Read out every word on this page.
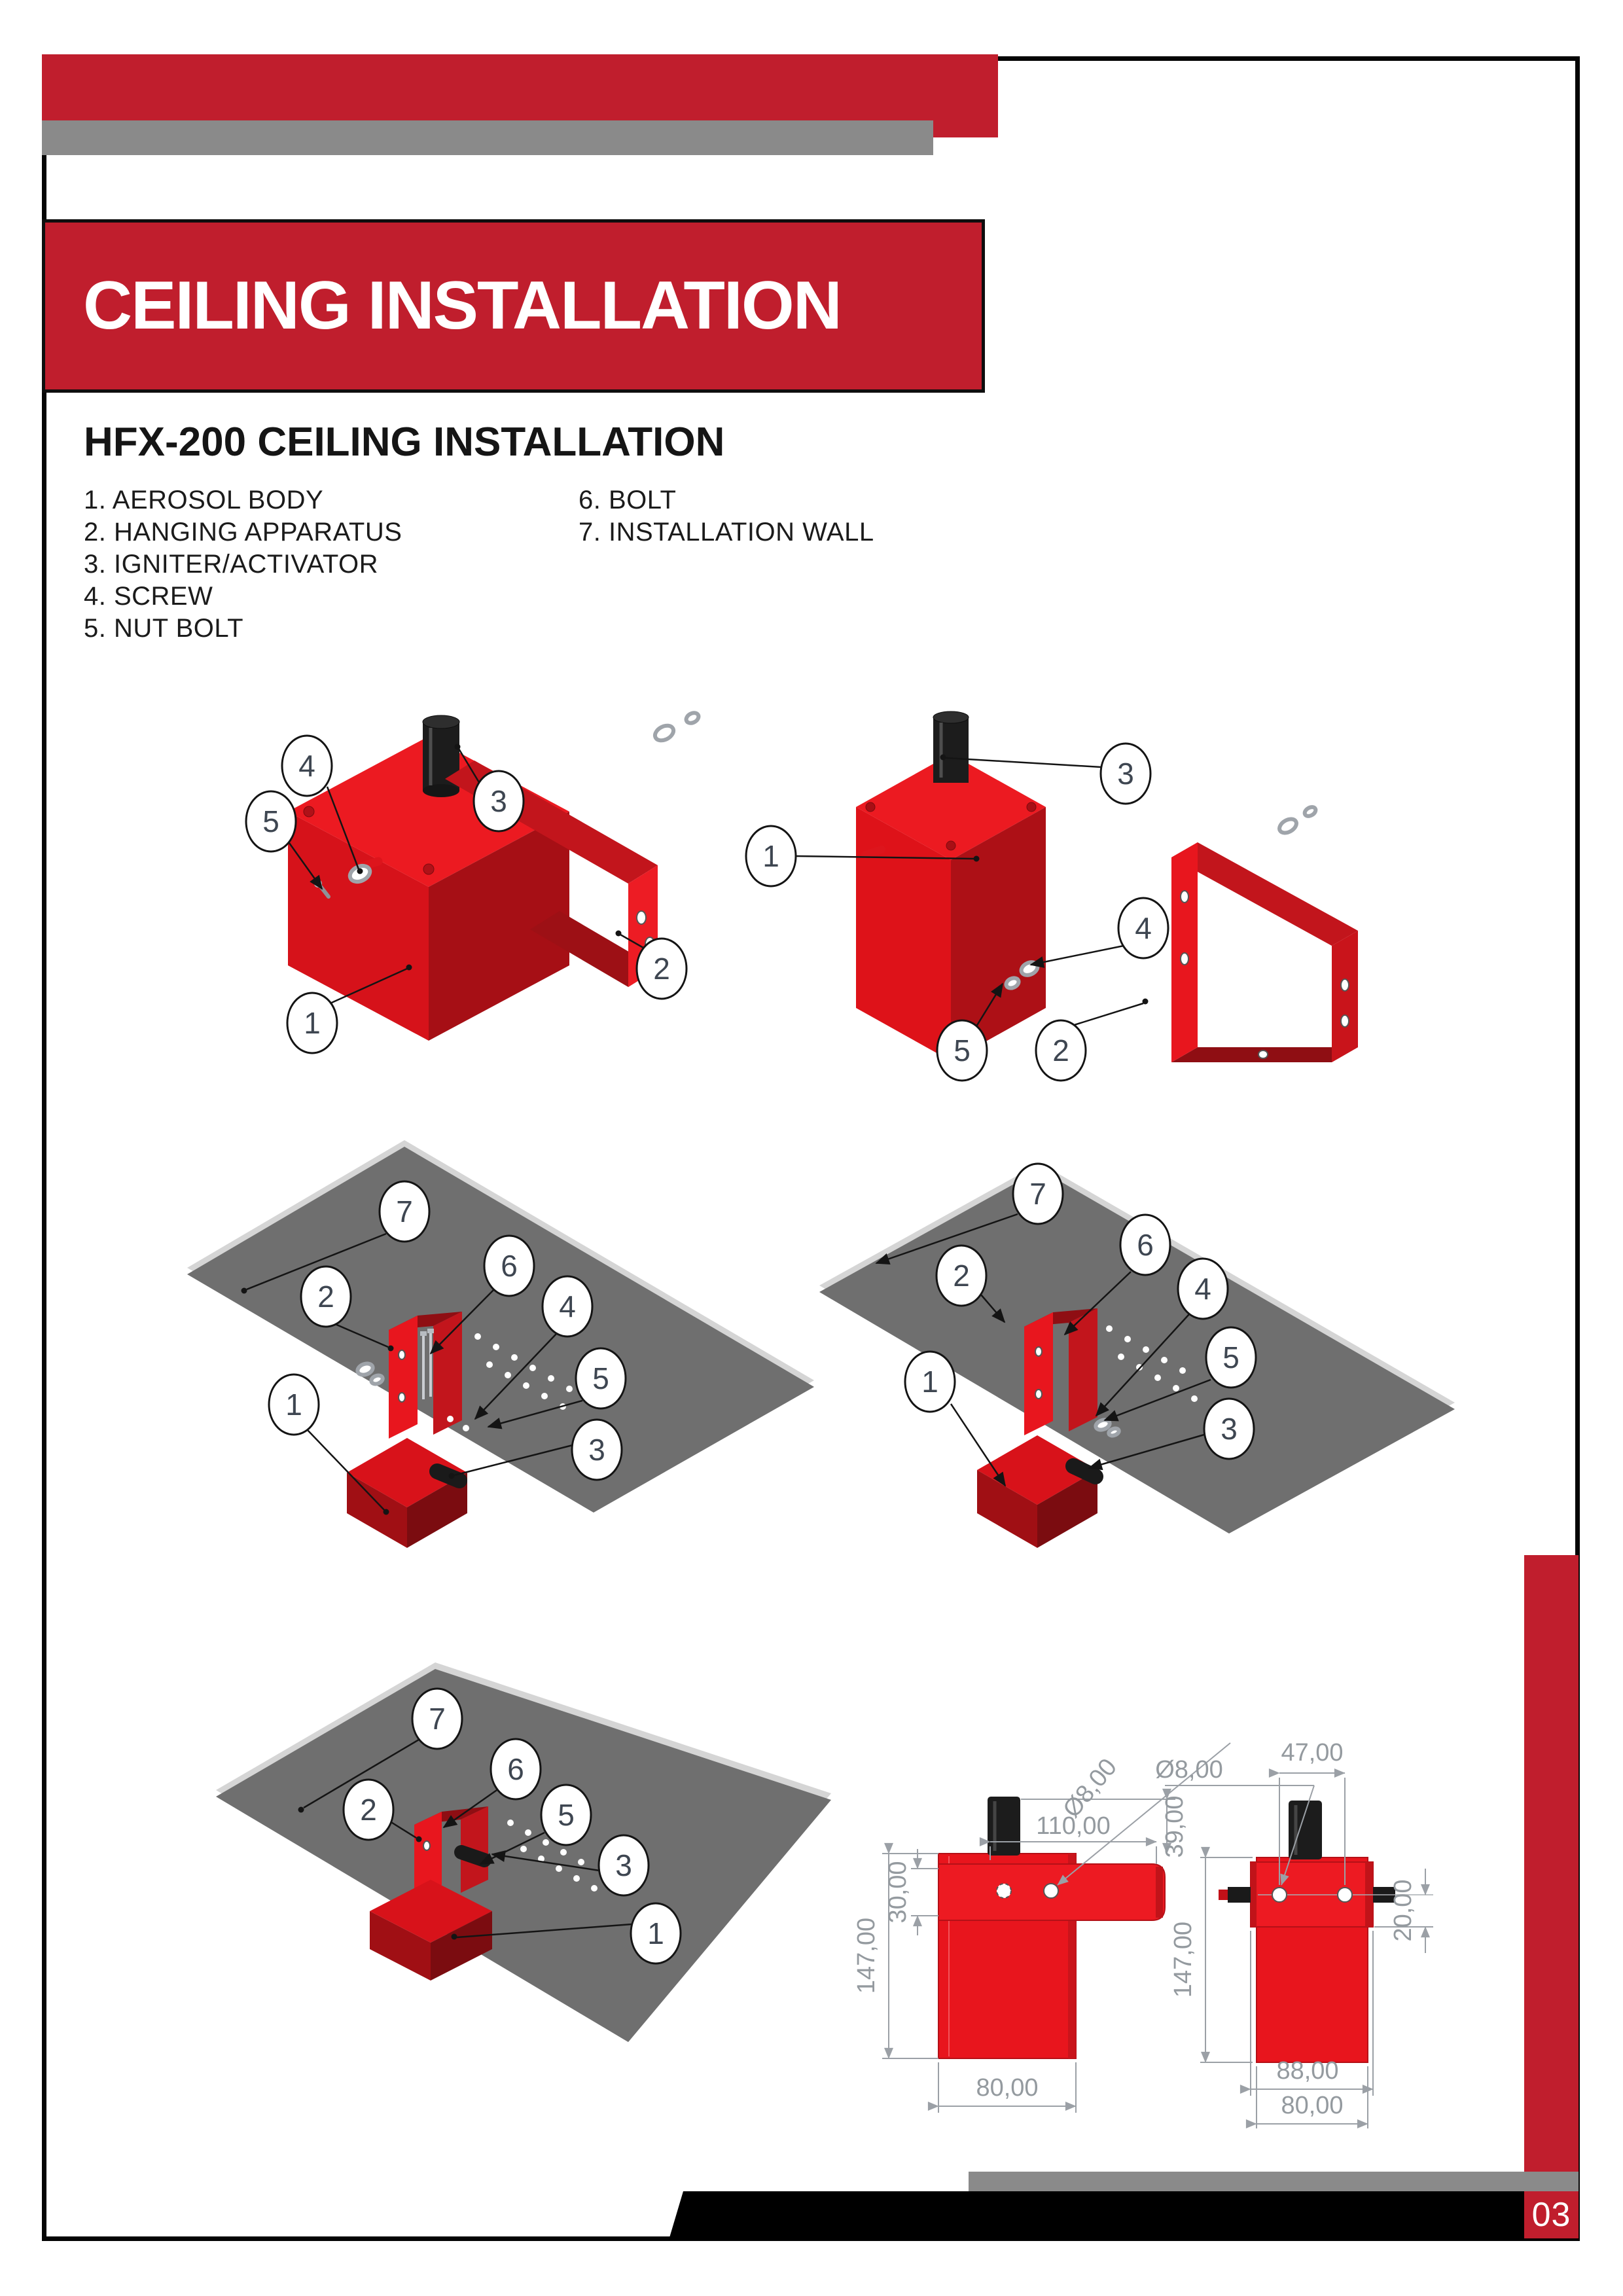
CEILING INSTALLATION
HFX-200 CEILING INSTALLATION
1. AEROSOL BODY
2. HANGING APPARATUS
3. IGNITER/ACTIVATOR
4. SCREW
5. NUT BOLT
6. BOLT
7. INSTALLATION WALL
4
5
3
2
1
3
1
4
5	2
7
2
6
4
5
1
3
7
2
6
4
5
1
3
7
6
2	5
3
1	147,00
30,00
110,00 39,00
Ø8,00
80,00
Ø8,00
47,00
20,00
147,00
88,00
80,00
03
